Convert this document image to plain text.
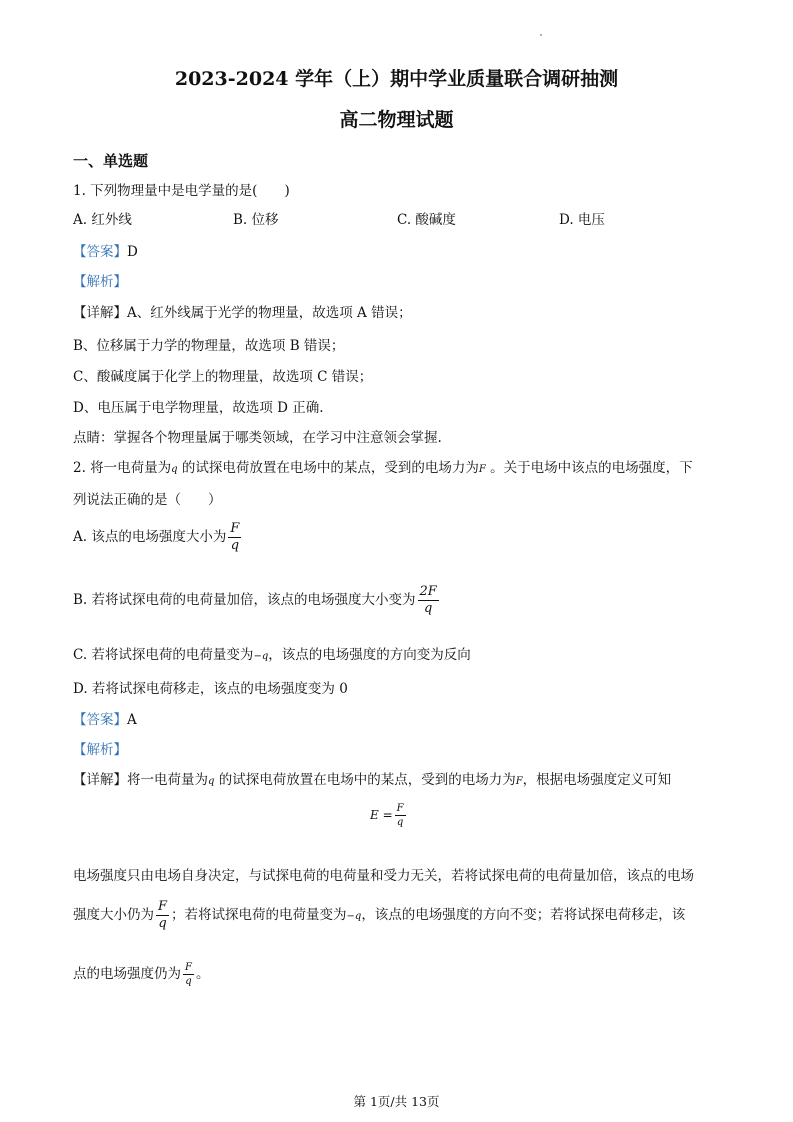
2023-2024 学年（上）期中学业质量联合调研抽测
高二物理试题
一、单选题
1. 下列物理量中是电学量的是(　　)
A. 红外线	B. 位移	C. 酸碱度	D. 电压
【答案】D
【解析】
【详解】A、红外线属于光学的物理量，故选项 A 错误；
B、位移属于力学的物理量，故选项 B 错误；
C、酸碱度属于化学上的物理量，故选项 C 错误；
D、电压属于电学物理量，故选项 D 正确.
点睛：掌握各个物理量属于哪类领域，在学习中注意领会掌握.
2. 将一电荷量为q 的试探电荷放置在电场中的某点，受到的电场力为F 。关于电场中该点的电场强度，下
列说法正确的是（　　）
A. 该点的电场强度大小为 $\frac{F}{q}$
B. 若将试探电荷的电荷量加倍，该点的电场强度大小变为 $\frac{2F}{q}$
C. 若将试探电荷的电荷量变为−q，该点的电场强度的方向变为反向
D. 若将试探电荷移走，该点的电场强度变为 0
【答案】A
【解析】
【详解】将一电荷量为q 的试探电荷放置在电场中的某点，受到的电场力为F，根据电场强度定义可知
$E = \frac{F}{q}$
电场强度只由电场自身决定，与试探电荷的电荷量和受力无关，若将试探电荷的电荷量加倍，该点的电场
强度大小仍为 $\frac{F}{q}$ ；若将试探电荷的电荷量变为−q，该点的电场强度的方向不变；若将试探电荷移走，该
点的电场强度仍为 $\frac{F}{q}$ 。
第 1页/共 13页
